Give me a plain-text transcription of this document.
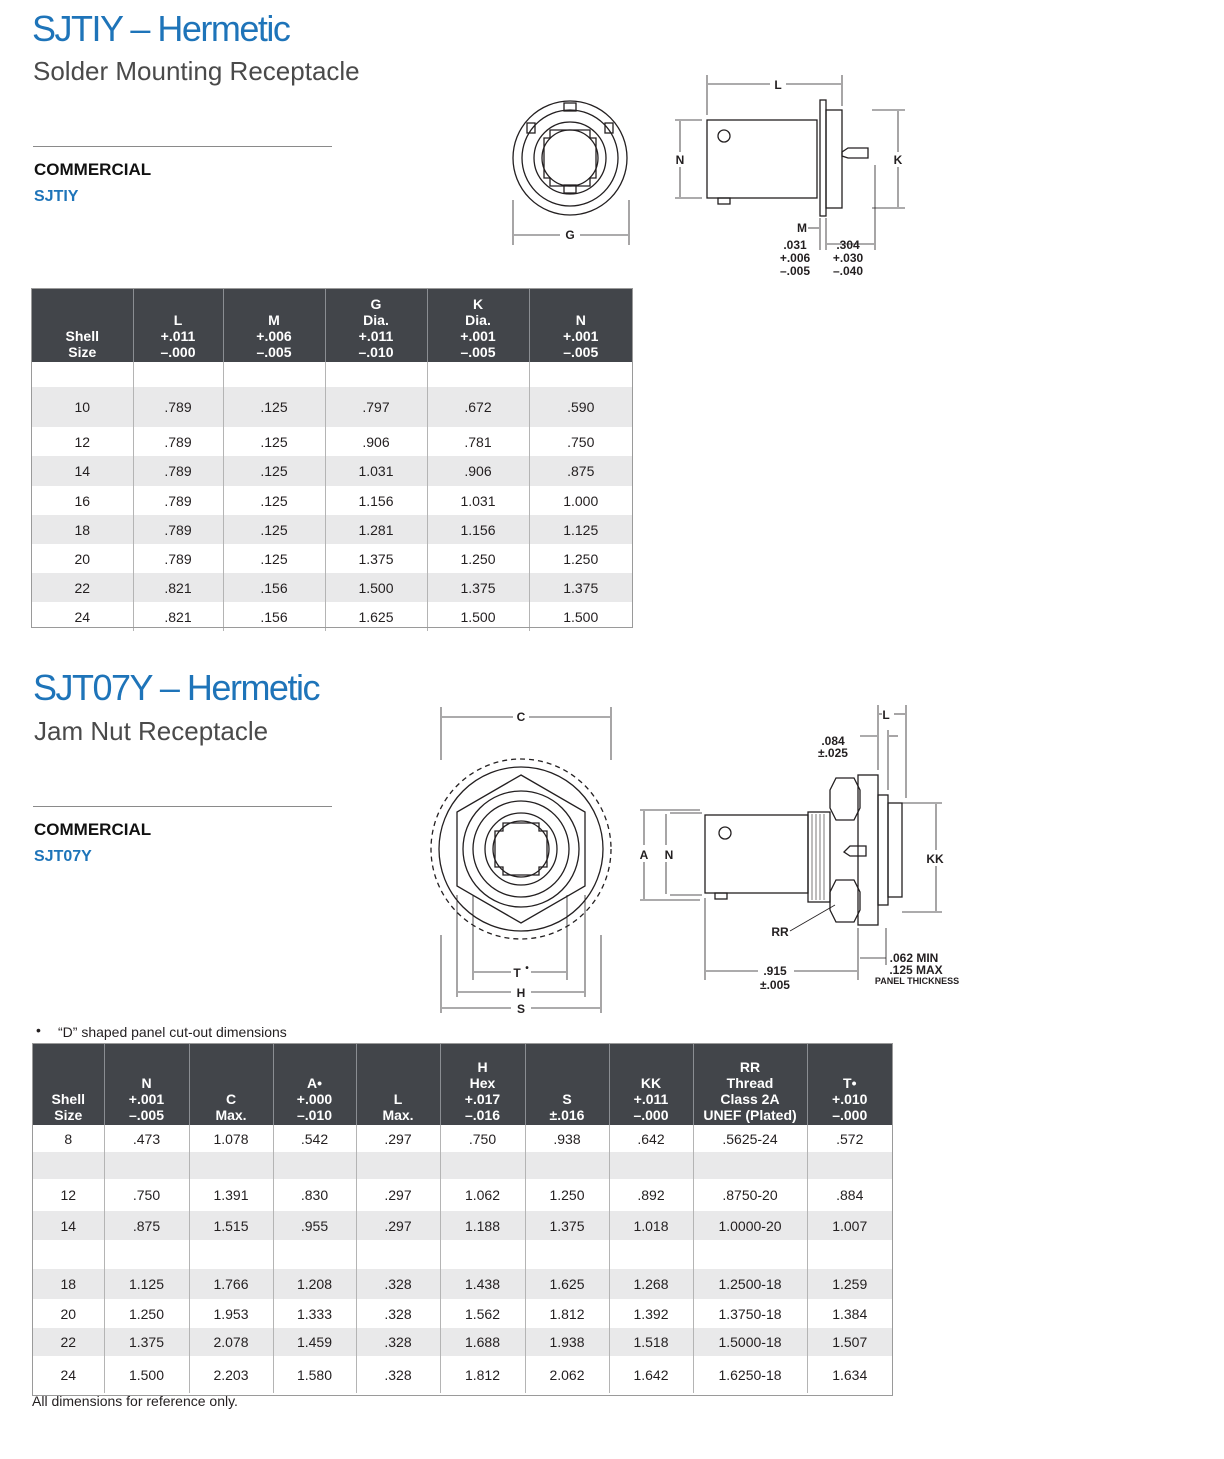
SJTIY – Hermetic
Solder Mounting Receptacle
COMMERCIAL
SJTIY
G
L
N	K
M
.031
+.006
–.005
.304
+.030
–.040
Shell
Size	L
+.011
–.000	M
+.006
–.005	G
Dia.
+.011
–.010	K
Dia.
+.001
–.005	N
+.001
–.005

10	.789	.125	.797	.672	.590
12	.789	.125	.906	.781	.750
14	.789	.125	1.031	.906	.875
16	.789	.125	1.156	1.031	1.000
18	.789	.125	1.281	1.156	1.125
20	.789	.125	1.375	1.250	1.250
22	.821	.156	1.500	1.375	1.375
24	.821	.156	1.625	1.500	1.500
SJT07Y – Hermetic
Jam Nut Receptacle
COMMERCIAL
SJT07Y
C
T •
H
S
L
.084
±.025
A N	KK
RR
.915
±.005
.062 MIN
.125 MAX
PANEL THICKNESS
• “D” shaped panel cut-out dimensions
Shell
Size	N
+.001
–.005	C
Max.	A•
+.000
–.010	L
Max.	H
Hex
+.017
–.016	S
±.016	KK
+.011
–.000	RR
Thread
Class 2A
UNEF (Plated)	T•
+.010
–.000
8	.473	1.078	.542	.297	.750	.938	.642	.5625-24	.572

12	.750	1.391	.830	.297	1.062	1.250	.892	.8750-20	.884
14	.875	1.515	.955	.297	1.188	1.375	1.018	1.0000-20	1.007

18	1.125	1.766	1.208	.328	1.438	1.625	1.268	1.2500-18	1.259
20	1.250	1.953	1.333	.328	1.562	1.812	1.392	1.3750-18	1.384
22	1.375	2.078	1.459	.328	1.688	1.938	1.518	1.5000-18	1.507
24	1.500	2.203	1.580	.328	1.812	2.062	1.642	1.6250-18	1.634
All dimensions for reference only.
